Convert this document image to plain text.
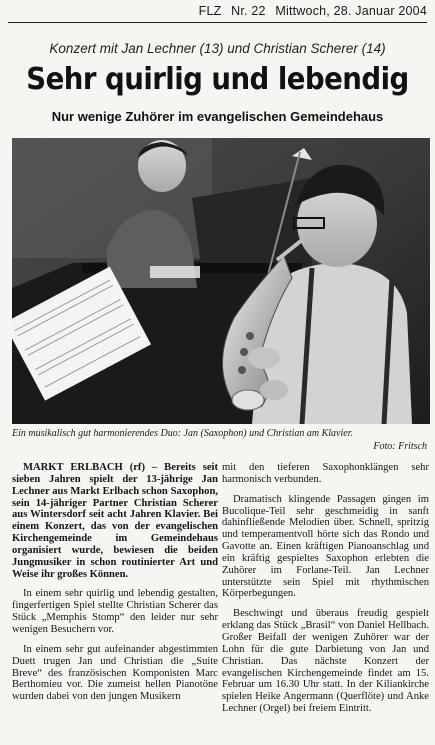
FLZ Nr. 22 Mittwoch, 28. Januar 2004
Konzert mit Jan Lechner (13) und Christian Scherer (14)
Sehr quirlig und lebendig
Nur wenige Zuhörer im evangelischen Gemeindehaus
Ein musikalisch gut harmonierendes Duo: Jan (Saxophon) und Christian am Klavier.
Foto: Fritsch

MARKT ERLBACH (rf) – Bereits seit sieben Jahren spielt der 13-jährige Jan Lechner aus Markt Erlbach schon Saxophon, sein 14-jähriger Partner Christian Scherer aus Wintersdorf seit acht Jahren Klavier. Bei einem Konzert, das von der evangelischen Kirchengemeinde im Gemeindehaus organisiert wurde, bewiesen die beiden Jungmusiker in schon routinierter Art und Weise ihr großes Können.

In einem sehr quirlig und lebendig gestalten, fingerfertigen Spiel stellte Christian Scherer das Stück „Memphis Stomp“ den leider nur sehr wenigen Besuchern vor.

In einem sehr gut aufeinander abgestimmten Duett trugen Jan und Christian die „Suite Breve“ des französischen Komponisten Marc Berthomieu vor. Die zumeist hellen Pianotöne wurden dabei von den jungen Musikern

mit den tieferen Saxophonklängen sehr harmonisch verbunden.

Dramatisch klingende Passagen gingen im Bucolique-Teil sehr geschmeidig in sanft dahinfließende Melodien über. Schnell, spritzig und temperamentvoll hörte sich das Rondo und Gavotte an. Einen kräftigen Pianoanschlag und ein kräftig gespieltes Saxophon erlebten die Zuhörer im Forlane-Teil. Jan Lechner unterstützte sein Spiel mit rhythmischen Körperbegungen.

Beschwingt und überaus freudig gespielt erklang das Stück „Brasil“ von Daniel Hellbach. Großer Beifall der wenigen Zuhörer war der Lohn für die gute Darbietung von Jan und Christian. Das nächste Konzert der evangelischen Kirchengemeinde findet am 15. Februar um 16.30 Uhr statt. In der Kiliankirche spielen Heike Angermann (Querflöte) und Anke Lechner (Orgel) bei freiem Eintritt.
